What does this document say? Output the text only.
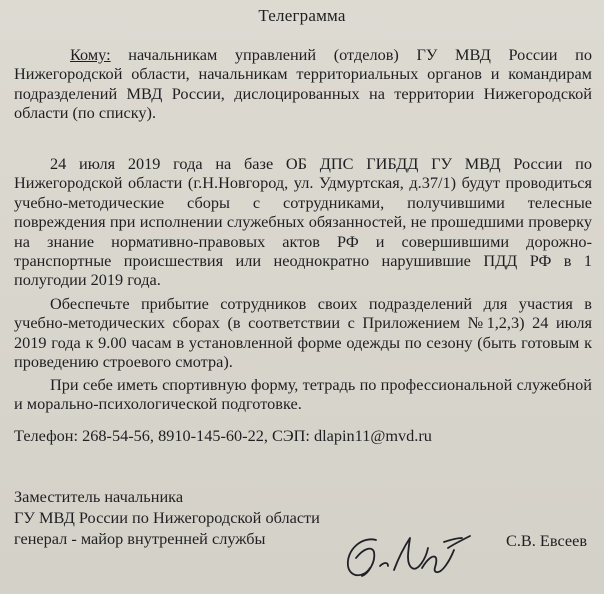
Телеграмма
Кому: начальникам управлений (отделов) ГУ МВД России по Нижегородской области, начальникам территориальных органов и командирам подразделений МВД России, дислоцированных на территории Нижегородской области (по списку).
24 июля 2019 года на базе ОБ ДПС ГИБДД ГУ МВД России по Нижегородской области (г.Н.Новгород, ул. Удмуртская, д.37/1) будут проводиться учебно-методические сборы с сотрудниками, получившими телесные повреждения при исполнении служебных обязанностей, не прошедшими проверку на знание нормативно-правовых актов РФ и совершившими дорожно-транспортные происшествия или неоднократно нарушившие ПДД РФ в 1 полугодии 2019 года.
Обеспечьте прибытие сотрудников своих подразделений для участия в учебно-методических сборах (в соответствии с Приложением №1,2,3) 24 июля 2019 года к 9.00 часам в установленной форме одежды по сезону (быть готовым к проведению строевого смотра).
При себе иметь спортивную форму, тетрадь по профессиональной служебной и морально-психологической подготовке.
Телефон: 268-54-56, 8910-145-60-22, СЭП: dlapin11@mvd.ru
Заместитель начальника
ГУ МВД России по Нижегородской области
генерал - майор внутренней службы	С.В. Евсеев
